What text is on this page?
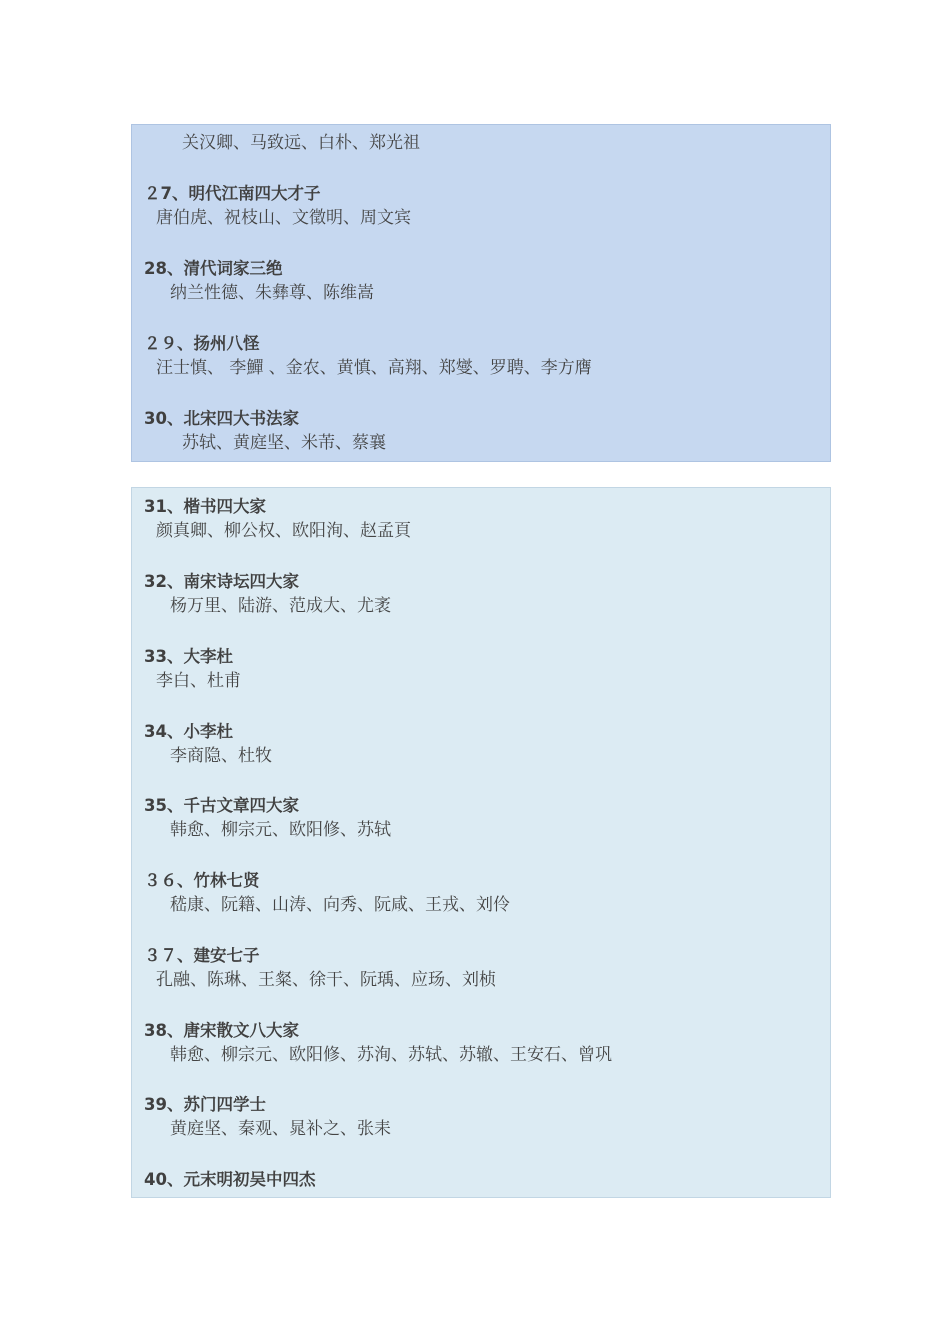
关汉卿、马致远、白朴、郑光祖
２7、明代江南四大才子
唐伯虎、祝枝山、文徵明、周文宾
28、清代词家三绝
纳兰性德、朱彝尊、陈维嵩
２９、扬州八怪
汪士慎、 李鱓 、金农、黄慎、高翔、郑燮、罗聘、李方膺
30、北宋四大书法家
苏轼、黄庭坚、米芾、蔡襄
31、楷书四大家
颜真卿、柳公权、欧阳洵、赵孟頁
32、南宋诗坛四大家
杨万里、陆游、范成大、尤袤
33、大李杜
李白、杜甫
34、小李杜
李商隐、杜牧
35、千古文章四大家
韩愈、柳宗元、欧阳修、苏轼
３６、竹林七贤
嵇康、阮籍、山涛、向秀、阮咸、王戎、刘伶
３７、建安七子
孔融、陈琳、王粲、徐干、阮瑀、应玚、刘桢
38、唐宋散文八大家
韩愈、柳宗元、欧阳修、苏洵、苏轼、苏辙、王安石、曾巩
39、苏门四学士
黄庭坚、秦观、晁补之、张耒
40、元末明初吴中四杰
